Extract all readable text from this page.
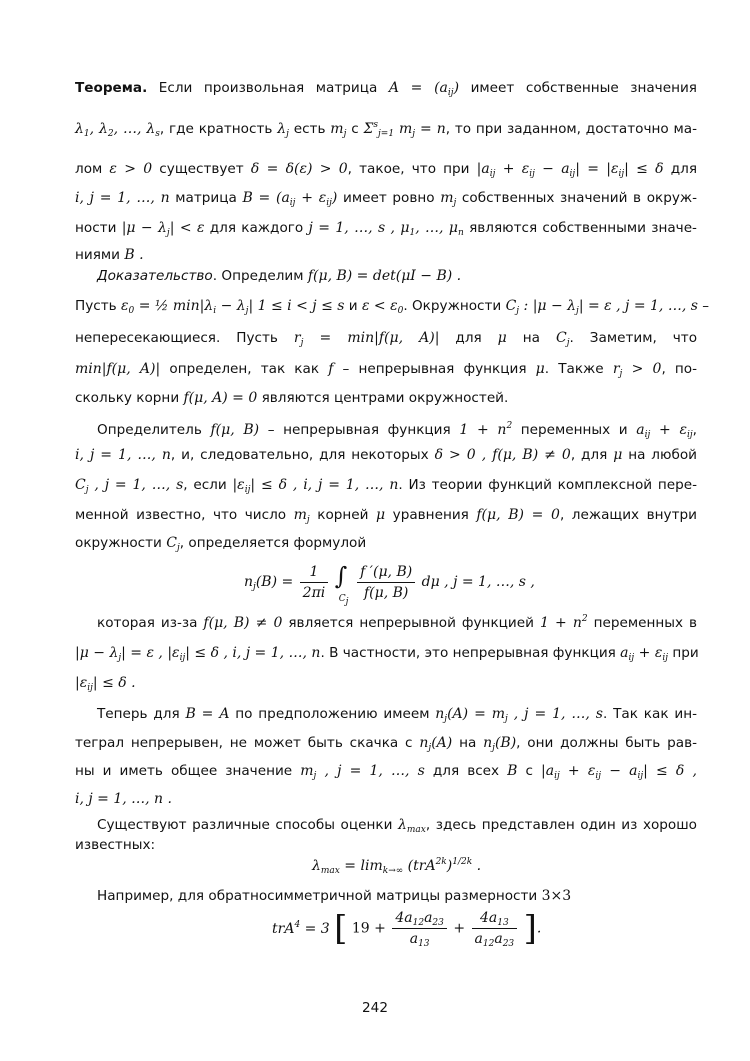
Теорема. Если произвольная матрица $A = (a_{ij})$ имеет собственные значения
$\lambda_1$, $\lambda_2$, …, $\lambda_s$, где кратность $\lambda_j$ есть $m_j$ с $\Sigma^s_{j=1}$ $m_j = n$, то при заданном, достаточно ма-
лом ε > 0 существует δ = δ(ε) > 0, такое, что при $|a_{ij} + \varepsilon_{ij} - a_{ij}| = |\varepsilon_{ij}| \le \delta$ для
i, j = 1, …, n матрица $B = (a_{ij} + \varepsilon_{ij})$ имеет ровно $m_j$ собственных значений в окруж-
ности $|\mu - \lambda_j| < \varepsilon$ для каждого j = 1, …, s , $\mu_1$, …, $\mu_n$ являются собственными значе-
ниями B .
Доказательство. Определим f(μ, B) = det(μI − B) .
Пусть $\varepsilon_0$ = ½ $\min|\lambda_i - \lambda_j|$ 1 ≤ i < j ≤ s и $\varepsilon < \varepsilon_0$. Окружности $C_j$ : $|\mu - \lambda_j| = \varepsilon$ , j = 1, …, s –
непересекающиеся. Пусть $r_j = \min|f(\mu$, A)| для μ на $C_j$. Заметим, что
min|f(μ, A)| определен, так как f – непрерывная функция μ. Также $r_j > 0$, по-
скольку корни f(μ, A) = 0 являются центрами окружностей.
Определитель f(μ, B) – непрерывная функция $1 + n^2$ переменных и $a_{ij} + \varepsilon_{ij}$,
i, j = 1, …, n, и, следовательно, для некоторых δ > 0 , f(μ, B) ≠ 0, для μ на любой
$C_j$ , j = 1, …, s, если $|\varepsilon_{ij}| \le \delta$ , i, j = 1, …, n. Из теории функций комплексной пере-
менной известно, что число $m_j$ корней μ уравнения f(μ, B) = 0, лежащих внутри
окружности $C_j$, определяется формулой
$n_j(B) = \frac{1}{2\pi i}$
∫
$C_j$
$\frac{f '(\mu, B)}{f(\mu, B)}$ dμ , j = 1, …, s ,
которая из-за f(μ, B) ≠ 0 является непрерывной функцией $1 + n^2$ переменных в
$|\mu - \lambda_j| = \varepsilon$ , $|\varepsilon_{ij}| \le \delta$ , i, j = 1, …, n. В частности, это непрерывная функция $a_{ij} + \varepsilon_{ij}$ при
$|\varepsilon_{ij}| \le \delta$ .
Теперь для B = A по предположению имеем $n_j(A) = m_j$ , j = 1, …, s. Так как ин-
теграл непрерывен, не может быть скачка с $n_j(A)$ на $n_j(B)$, они должны быть рав-
ны и иметь общее значение $m_j$ , j = 1, …, s для всех B с $|a_{ij} + \varepsilon_{ij} - a_{ij}| \le \delta$ ,
i, j = 1, …, n .
Существуют различные способы оценки $\lambda_{max}$, здесь представлен один из хорошо
известных:
$\lambda_{max} = \lim_{k\to\infty} (trA^{2k})^{1/2k}$ .
Например, для обратносимметричной матрицы размерности 3×3
trA$^4$ = 3 [ $19 + \frac{4a_{12}a_{23}}{a_{13}} + \frac{4a_{13}}{a_{12}a_{23}}$ ].
242
